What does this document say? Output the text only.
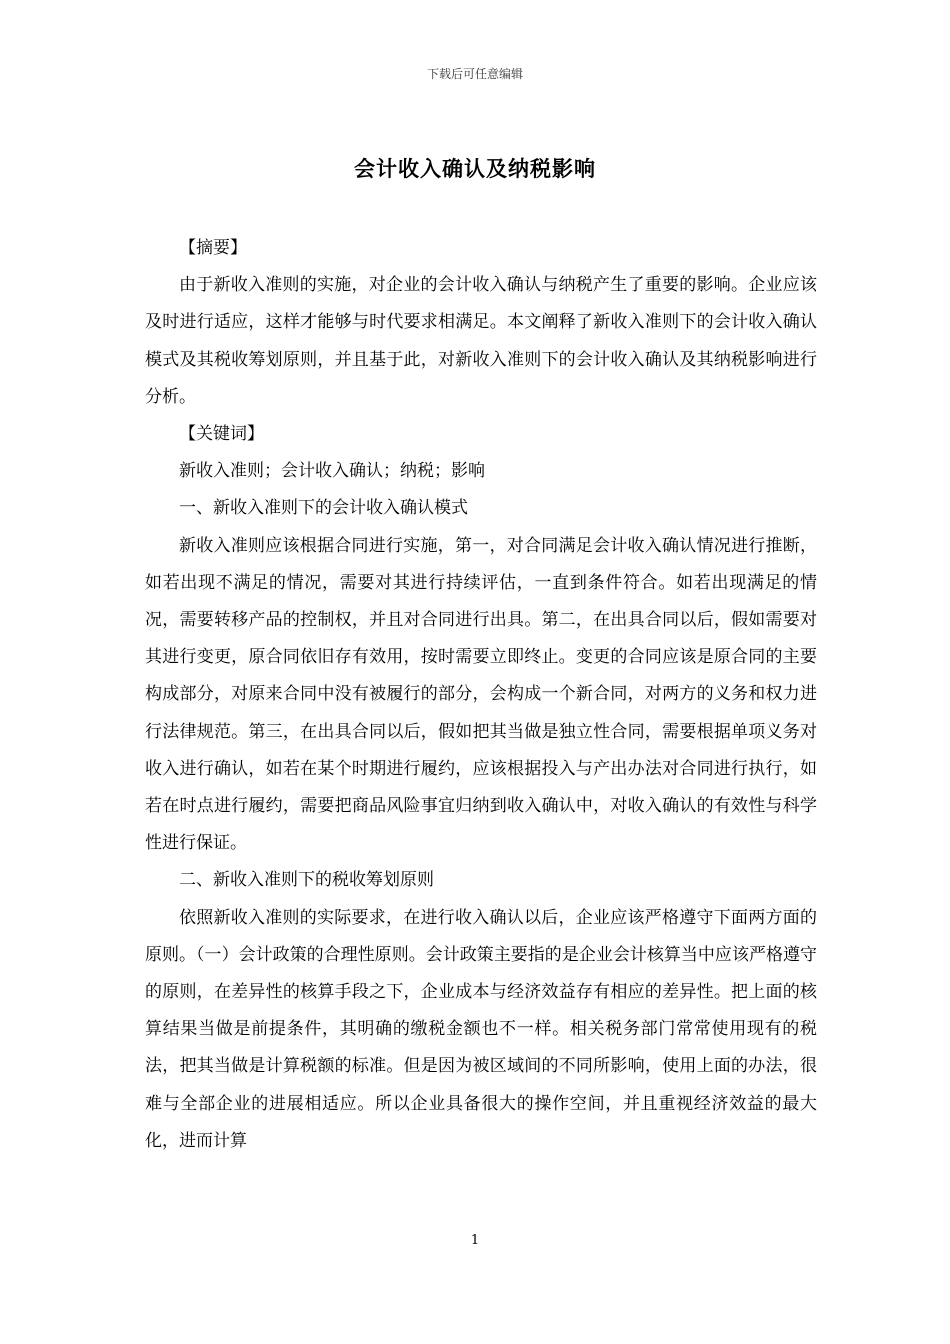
下载后可任意编辑
会计收入确认及纳税影响

【摘要】

由于新收入准则的实施，对企业的会计收入确认与纳税产生了重要的影响。企业应该及时进行适应，这样才能够与时代要求相满足。本文阐释了新收入准则下的会计收入确认模式及其税收筹划原则，并且基于此，对新收入准则下的会计收入确认及其纳税影响进行分析。

【关键词】

新收入准则；会计收入确认；纳税；影响

一、新收入准则下的会计收入确认模式

新收入准则应该根据合同进行实施，第一，对合同满足会计收入确认情况进行推断，如若出现不满足的情况，需要对其进行持续评估，一直到条件符合。如若出现满足的情况，需要转移产品的控制权，并且对合同进行出具。第二，在出具合同以后，假如需要对其进行变更，原合同依旧存有效用，按时需要立即终止。变更的合同应该是原合同的主要构成部分，对原来合同中没有被履行的部分，会构成一个新合同，对两方的义务和权力进行法律规范。第三，在出具合同以后，假如把其当做是独立性合同，需要根据单项义务对收入进行确认，如若在某个时期进行履约，应该根据投入与产出办法对合同进行执行，如若在时点进行履约，需要把商品风险事宜归纳到收入确认中，对收入确认的有效性与科学性进行保证。

二、新收入准则下的税收筹划原则

依照新收入准则的实际要求，在进行收入确认以后，企业应该严格遵守下面两方面的原则。（一）会计政策的合理性原则。会计政策主要指的是企业会计核算当中应该严格遵守的原则，在差异性的核算手段之下，企业成本与经济效益存有相应的差异性。把上面的核算结果当做是前提条件，其明确的缴税金额也不一样。相关税务部门常常使用现有的税法，把其当做是计算税额的标准。但是因为被区域间的不同所影响，使用上面的办法，很难与全部企业的进展相适应。所以企业具备很大的操作空间，并且重视经济效益的最大化，进而计算

1
